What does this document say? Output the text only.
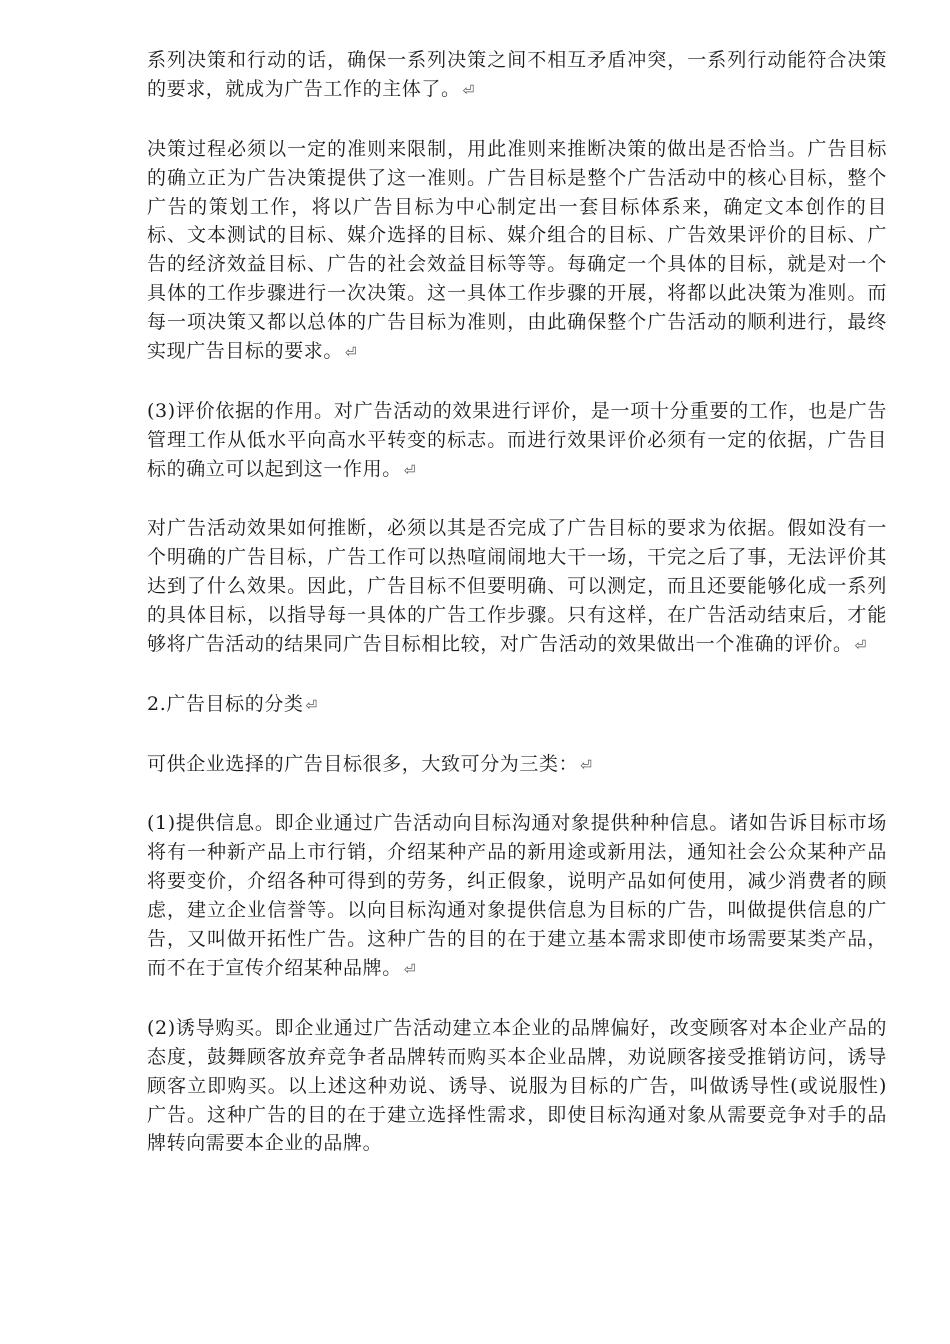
系列决策和行动的话，确保一系列决策之间不相互矛盾冲突，一系列行动能符合决策的要求，就成为广告工作的主体了。 ⏎

决策过程必须以一定的准则来限制，用此准则来推断决策的做出是否恰当。广告目标的确立正为广告决策提供了这一准则。广告目标是整个广告活动中的核心目标，整个广告的策划工作，将以广告目标为中心制定出一套目标体系来，确定文本创作的目标、文本测试的目标、媒介选择的目标、媒介组合的目标、广告效果评价的目标、广告的经济效益目标、广告的社会效益目标等等。每确定一个具体的目标，就是对一个具体的工作步骤进行一次决策。这一具体工作步骤的开展，将都以此决策为准则。而每一项决策又都以总体的广告目标为准则，由此确保整个广告活动的顺利进行，最终实现广告目标的要求。 ⏎

(3)评价依据的作用。对广告活动的效果进行评价，是一项十分重要的工作，也是广告管理工作从低水平向高水平转变的标志。而进行效果评价必须有一定的依据，广告目标的确立可以起到这一作用。 ⏎

对广告活动效果如何推断，必须以其是否完成了广告目标的要求为依据。假如没有一个明确的广告目标，广告工作可以热喧闹闹地大干一场，干完之后了事，无法评价其达到了什么效果。因此，广告目标不但要明确、可以测定，而且还要能够化成一系列的具体目标，以指导每一具体的广告工作步骤。只有这样，在广告活动结束后，才能够将广告活动的结果同广告目标相比较，对广告活动的效果做出一个准确的评价。 ⏎

2.广告目标的分类 ⏎

可供企业选择的广告目标很多，大致可分为三类： ⏎

(1)提供信息。即企业通过广告活动向目标沟通对象提供种种信息。诸如告诉目标市场将有一种新产品上市行销，介绍某种产品的新用途或新用法，通知社会公众某种产品将要变价，介绍各种可得到的劳务，纠正假象，说明产品如何使用，减少消费者的顾虑，建立企业信誉等。以向目标沟通对象提供信息为目标的广告，叫做提供信息的广告，又叫做开拓性广告。这种广告的目的在于建立基本需求即使市场需要某类产品，而不在于宣传介绍某种品牌。 ⏎

(2)诱导购买。即企业通过广告活动建立本企业的品牌偏好，改变顾客对本企业产品的态度，鼓舞顾客放弃竞争者品牌转而购买本企业品牌，劝说顾客接受推销访问，诱导顾客立即购买。以上述这种劝说、诱导、说服为目标的广告，叫做诱导性(或说服性)广告。这种广告的目的在于建立选择性需求，即使目标沟通对象从需要竞争对手的品牌转向需要本企业的品牌。
